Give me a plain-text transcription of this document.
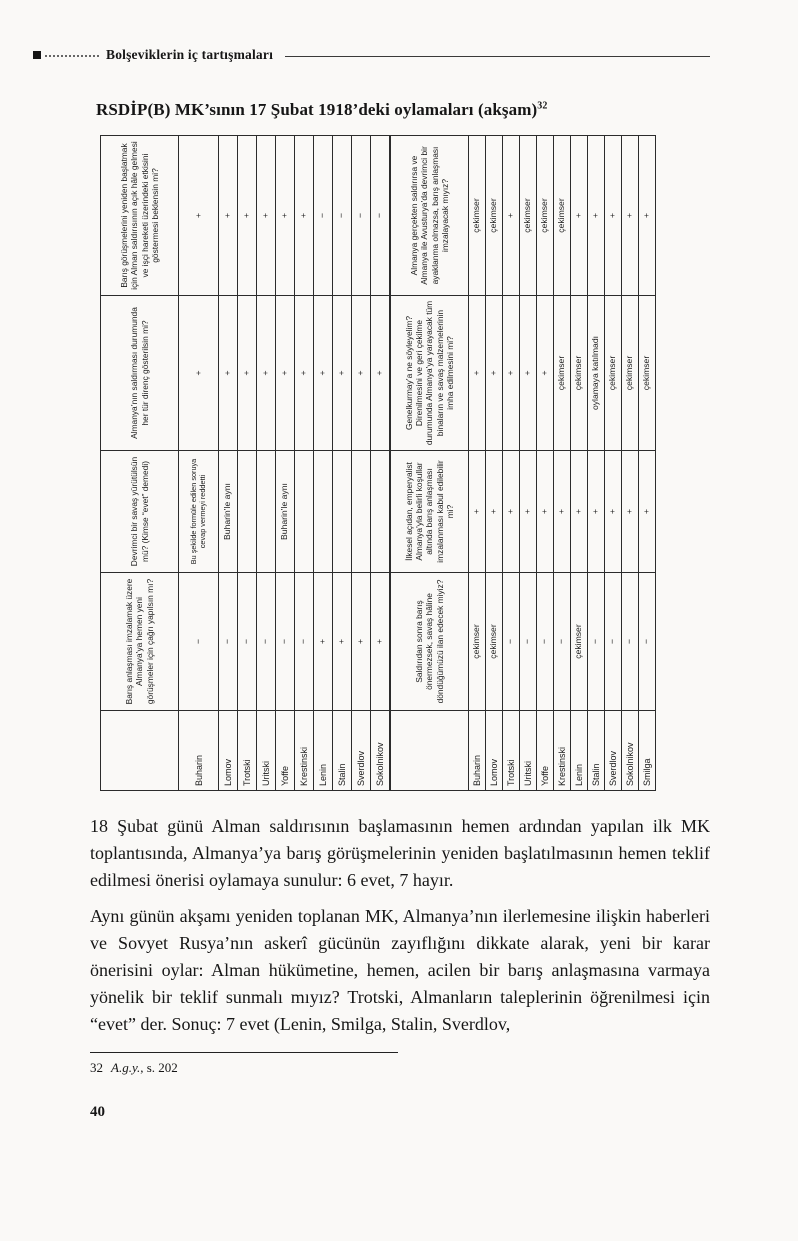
Bolşeviklerin iç tartışmaları
RSDİP(B) MK’sının 17 Şubat 1918’deki oylamaları (akşam)$^{32}$
	Barış anlaşması imzalamak üzere Almanya’ya hemen yeni görüşmeler için çağrı yapılsın mı?	Devrimci bir savaş yürütülsün mü? (Kimse “evet” demedi)	Almanya’nın saldırması durumunda her tür direnç gösterilsin mi?	Barış görüşmelerini yeniden başlatmak için Alman saldırısının açık hâle gelmesi ve işçi hareketi üzerindeki etkisini göstermesi beklensin mi?
Buharin	−	Bu şekilde formüle edilen soruya cevap vermeyi reddetti	+	+
Lomov	−	Buharin’le aynı	+	+
Trotski	−		+	+
Uritski	−		+	+
Yoffe	−	Buharin’le aynı	+	+
Krestinski	−		+	+
Lenin	+		+	−
Stalin	+		+	−
Sverdlov	+		+	−
Sokolnikov	+		+	−
	Saldırıdan sonra barış önermezsek, savaş hâline döndüğümüzü ilan edecek miyiz?	İlkesel açıdan, emperyalist Almanya’yla belirli koşullar altında barış anlaşması imzalanması kabul edilebilir mi?	Genelkurmay’a ne söyleyelim? Direnilmesini ve geri çekilme durumunda Almanya’ya yarayacak tüm binaların ve savaş malzemelerinin imha edilmesini mi?	Almanya gerçekten saldırırsa ve Almanya ile Avusturya’da devrimci bir ayaklanma olmazsa, barış anlaşması imzalayacak mıyız?
Buharin	çekimser	+	+	çekimser
Lomov	çekimser	+	+	çekimser
Trotski	−	+	+	+
Uritski	−	+	+	çekimser
Yoffe	−	+	+	çekimser
Krestinski	−	+	çekimser	çekimser
Lenin	çekimser	+	çekimser	+
Stalin	−	+	oylamaya katılmadı	+
Sverdlov	−	+	çekimser	+
Sokolnikov	−	+	çekimser	+
Smilga	−	+	çekimser	+

18 Şubat günü Alman saldırısının başlamasının hemen ardından yapılan ilk MK toplantısında, Almanya’ya barış görüşmelerinin yeniden başlatılmasının hemen teklif edilmesi önerisi oylamaya sunulur: 6 evet, 7 hayır.

Aynı günün akşamı yeniden toplanan MK, Almanya’nın ilerlemesine ilişkin haberleri ve Sovyet Rusya’nın askerî gücünün zayıflığını dikkate alarak, yeni bir karar önerisini oylar: Alman hükümetine, hemen, acilen bir barış anlaşmasına varmaya yönelik bir teklif sunmalı mıyız? Trotski, Almanların taleplerinin öğrenilmesi için “evet” der. Sonuç: 7 evet (Lenin, Smilga, Stalin, Sverdlov,

32 A.g.y., s. 202
40
